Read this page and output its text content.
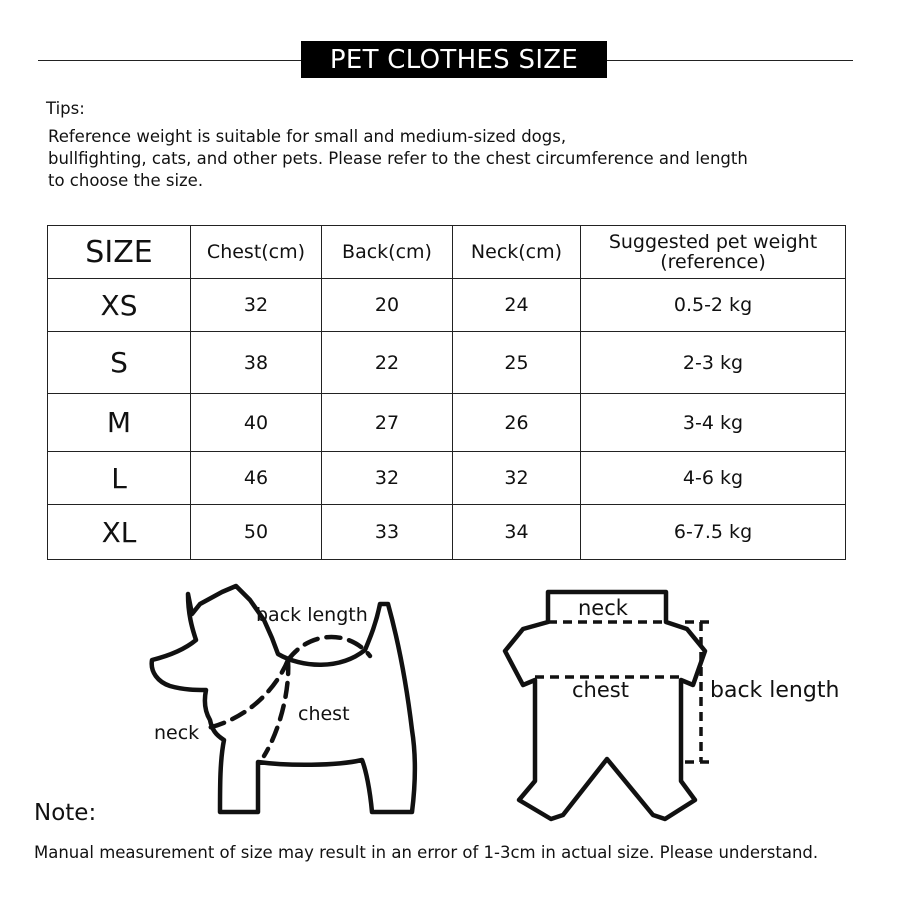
PET CLOTHES SIZE
Tips:
Reference weight is suitable for small and medium-sized dogs,
bullfighting, cats, and other pets. Please refer to the chest circumference and length
to choose the size.
SIZE	Chest(cm)	Back(cm)	Neck(cm)	Suggested pet weight
(reference)

XS	32	20	24	0.5-2 kg
S	38	22	25	2-3 kg
M	40	27	26	3-4 kg
L	46	32	32	4-6 kg
XL	50	33	34	6-7.5 kg
back length
chest
neck
neck
chest	back length
Note:
Manual measurement of size may result in an error of 1-3cm in actual size. Please understand.
